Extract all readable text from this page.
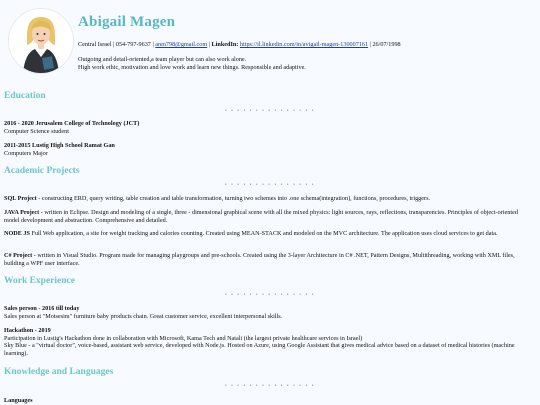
Abigail Magen
Central Israel | 054-797-9637 | anm798@gmail.com | LinkedIn: https://il.linkedin.com/in/avigail-magen-130007161 | 26/07/1998
Outgoing and detail-oriented,a team player but can also work alone.
High work ethic, motivation and love work and learn new things. Responsible and adaptive.
Education
• • • • • • • • • • • • • • •
2016 - 2020 Jerusalem College of Technology (JCT)
Computer Science student
2011-2015 Lustig High School Ramat Gan
Computers Major
Academic Projects
• • • • • • • • • • • • • • •
SQL Project - constructing ERD, query writing, table creation and table transformation, turning two schemes into .one schema(integration), functions, procedures, triggers.
JAVA Project - written in Eclipse. Design and modeling of a single, three - dimensional graphical scene with all the mixed physics: light sources, rays, reflections, transparencies. Principles of object-oriented model development and abstraction. Comprehensive and detailed.
NODE JS Full Web application, a site for weight tracking and calories counting. Created using MEAN-STACK and modeled on the MVC architecture. The application uses cloud services to get data.
C# Project - written in Visual Studio. Program made for managing playgroups and pre-schools. Created using the 3-layer Architecture in C# .NET, Pattern Designs, Multithreading, working with XML files, building a WPF user interface.
Work Experience
• • • • • • • • • • • • • • •
Sales person - 2016 till today
Sales person at "Motsesim" furniture baby products chain. Great customer service, excellent interpersonal skills.
Hackathon - 2019
Participation in Lustig's Hackathon done in collaboration with Microsoft, Kama Tech and Natali (the largest private healthcare services in Israel)
Sky Blue - a "virtual doctor", voice-based, assistant web service, developed with Node.js. Hosted on Azure, using Google Assistant that gives medical advice based on a dataset of medical histories (machine learning).
Knowledge and Languages
• • • • • • • • • • • • • • •
Languages
